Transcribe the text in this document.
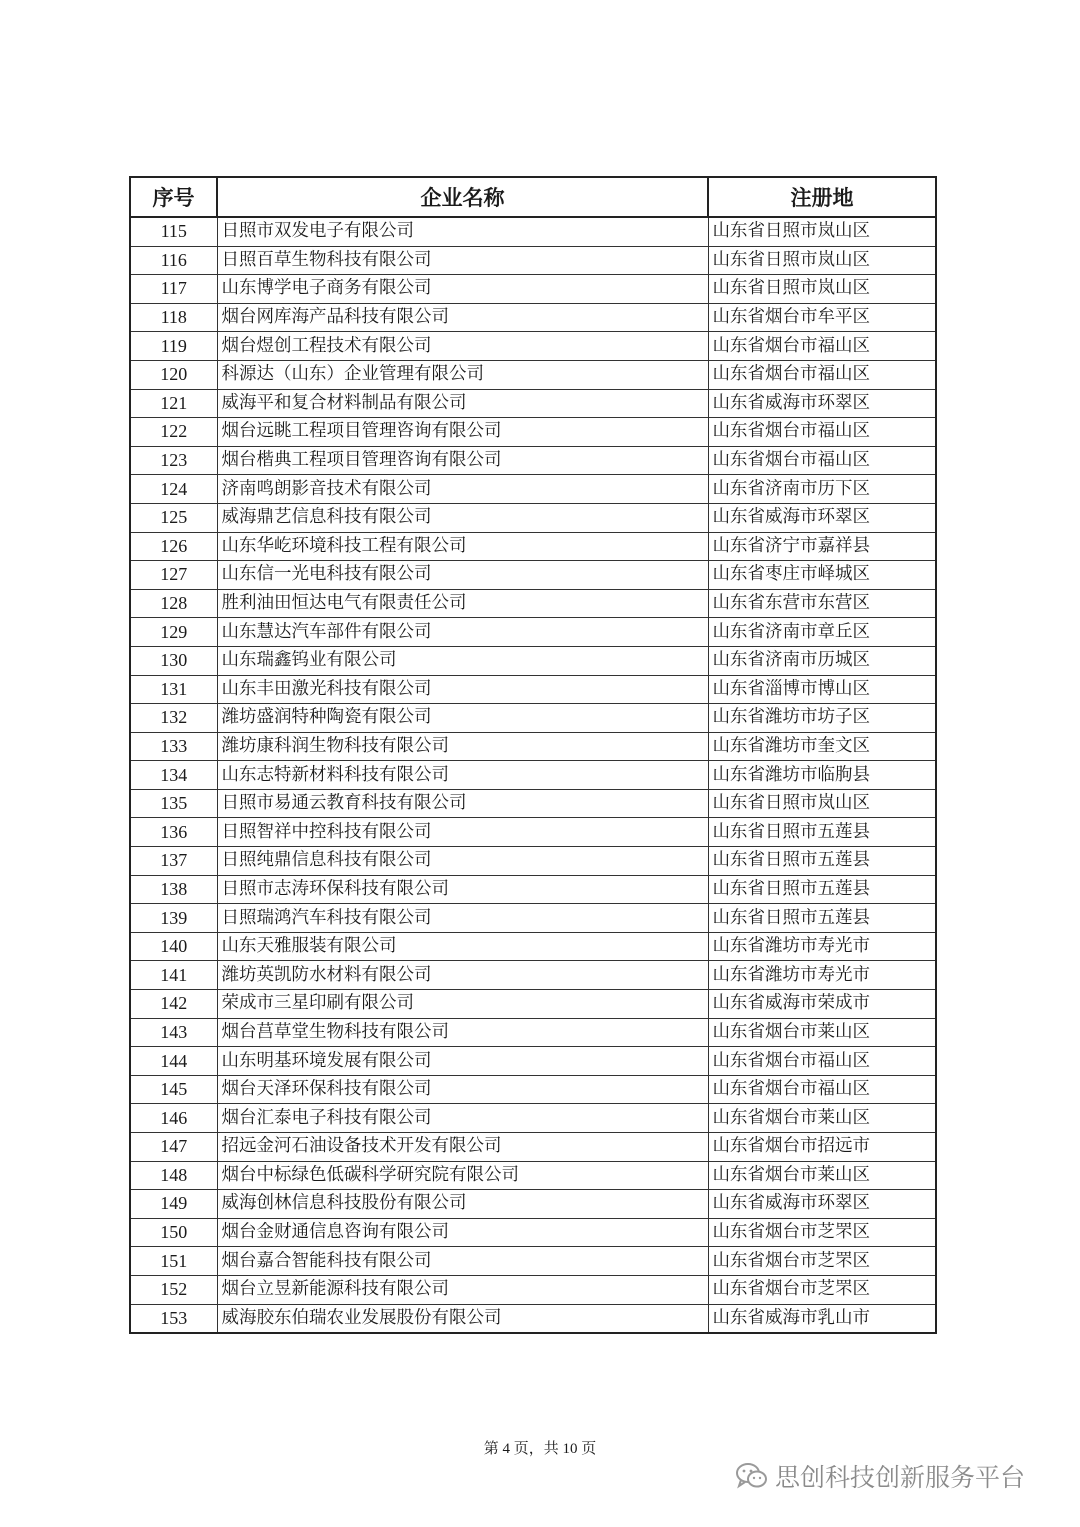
序号	企业名称	注册地
115	日照市双发电子有限公司	山东省日照市岚山区
116	日照百草生物科技有限公司	山东省日照市岚山区
117	山东博学电子商务有限公司	山东省日照市岚山区
118	烟台网库海产品科技有限公司	山东省烟台市牟平区
119	烟台煜创工程技术有限公司	山东省烟台市福山区
120	科源达（山东）企业管理有限公司	山东省烟台市福山区
121	威海平和复合材料制品有限公司	山东省威海市环翠区
122	烟台远眺工程项目管理咨询有限公司	山东省烟台市福山区
123	烟台楷典工程项目管理咨询有限公司	山东省烟台市福山区
124	济南鸣朗影音技术有限公司	山东省济南市历下区
125	威海鼎艺信息科技有限公司	山东省威海市环翠区
126	山东华屹环境科技工程有限公司	山东省济宁市嘉祥县
127	山东信一光电科技有限公司	山东省枣庄市峄城区
128	胜利油田恒达电气有限责任公司	山东省东营市东营区
129	山东慧达汽车部件有限公司	山东省济南市章丘区
130	山东瑞鑫钨业有限公司	山东省济南市历城区
131	山东丰田激光科技有限公司	山东省淄博市博山区
132	潍坊盛润特种陶瓷有限公司	山东省潍坊市坊子区
133	潍坊康科润生物科技有限公司	山东省潍坊市奎文区
134	山东志特新材料科技有限公司	山东省潍坊市临朐县
135	日照市易通云教育科技有限公司	山东省日照市岚山区
136	日照智祥中控科技有限公司	山东省日照市五莲县
137	日照纯鼎信息科技有限公司	山东省日照市五莲县
138	日照市志涛环保科技有限公司	山东省日照市五莲县
139	日照瑞鸿汽车科技有限公司	山东省日照市五莲县
140	山东天雅服装有限公司	山东省潍坊市寿光市
141	潍坊英凯防水材料有限公司	山东省潍坊市寿光市
142	荣成市三星印刷有限公司	山东省威海市荣成市
143	烟台莒草堂生物科技有限公司	山东省烟台市莱山区
144	山东明基环境发展有限公司	山东省烟台市福山区
145	烟台天泽环保科技有限公司	山东省烟台市福山区
146	烟台汇泰电子科技有限公司	山东省烟台市莱山区
147	招远金河石油设备技术开发有限公司	山东省烟台市招远市
148	烟台中标绿色低碳科学研究院有限公司	山东省烟台市莱山区
149	威海创林信息科技股份有限公司	山东省威海市环翠区
150	烟台金财通信息咨询有限公司	山东省烟台市芝罘区
151	烟台嘉合智能科技有限公司	山东省烟台市芝罘区
152	烟台立昱新能源科技有限公司	山东省烟台市芝罘区
153	威海胶东伯瑞农业发展股份有限公司	山东省威海市乳山市
第 4 页，共 10 页
思创科技创新服务平台
